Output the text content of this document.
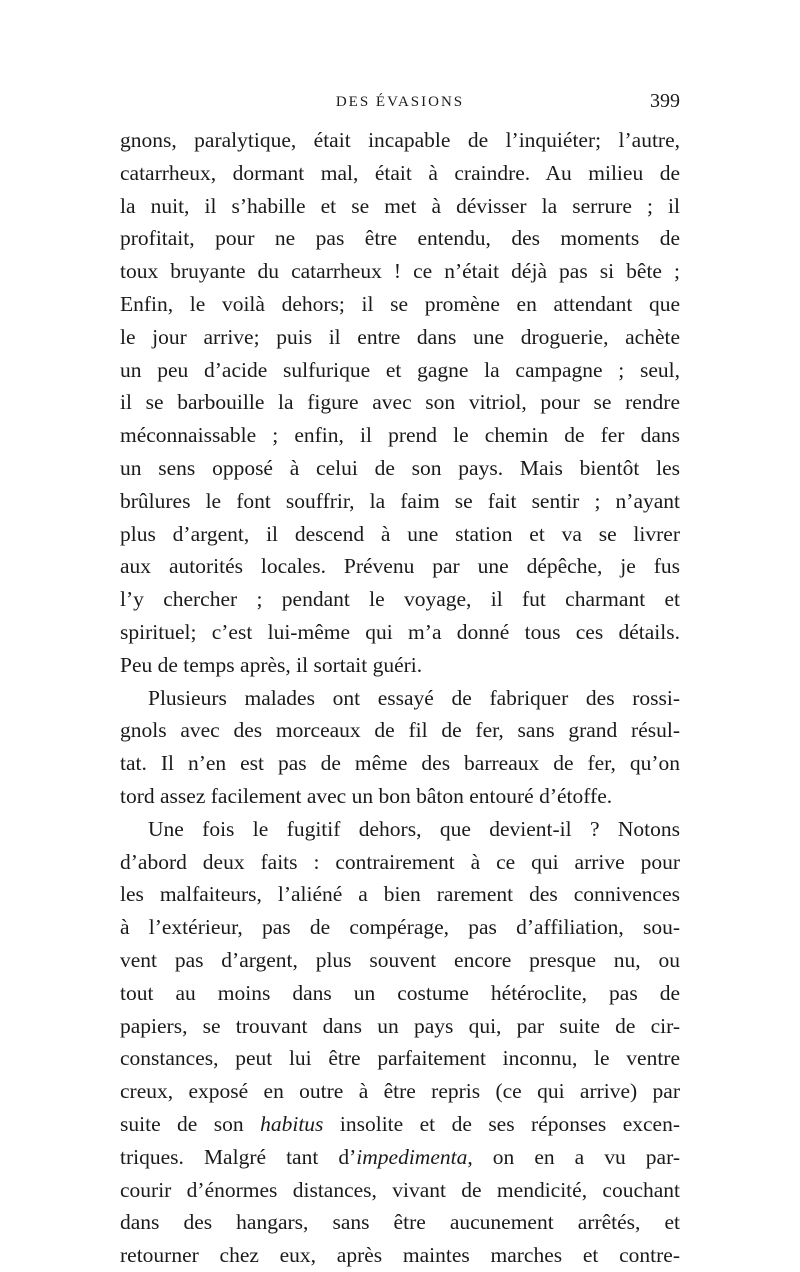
DES ÉVASIONS	399
gnons, paralytique, était incapable de l’inquiéter; l’autre,
catarrheux, dormant mal, était à craindre. Au milieu de
la nuit, il s’habille et se met à dévisser la serrure ; il
profitait, pour ne pas être entendu, des moments de
toux bruyante du catarrheux ! ce n’était déjà pas si bête ;
Enfin, le voilà dehors; il se promène en attendant que
le jour arrive; puis il entre dans une droguerie, achète
un peu d’acide sulfurique et gagne la campagne ; seul,
il se barbouille la figure avec son vitriol, pour se rendre
méconnaissable ; enfin, il prend le chemin de fer dans
un sens opposé à celui de son pays. Mais bientôt les
brûlures le font souffrir, la faim se fait sentir ; n’ayant
plus d’argent, il descend à une station et va se livrer
aux autorités locales. Prévenu par une dépêche, je fus
l’y chercher ; pendant le voyage, il fut charmant et
spirituel; c’est lui-même qui m’a donné tous ces détails.
Peu de temps après, il sortait guéri.
Plusieurs malades ont essayé de fabriquer des rossi-
gnols avec des morceaux de fil de fer, sans grand résul-
tat. Il n’en est pas de même des barreaux de fer, qu’on
tord assez facilement avec un bon bâton entouré d’étoffe.
Une fois le fugitif dehors, que devient-il ? Notons
d’abord deux faits : contrairement à ce qui arrive pour
les malfaiteurs, l’aliéné a bien rarement des connivences
à l’extérieur, pas de compérage, pas d’affiliation, sou-
vent pas d’argent, plus souvent encore presque nu, ou
tout au moins dans un costume hétéroclite, pas de
papiers, se trouvant dans un pays qui, par suite de cir-
constances, peut lui être parfaitement inconnu, le ventre
creux, exposé en outre à être repris (ce qui arrive) par
suite de son habitus insolite et de ses réponses excen-
triques. Malgré tant d’impedimenta, on en a vu par-
courir d’énormes distances, vivant de mendicité, couchant
dans des hangars, sans être aucunement arrêtés, et
retourner chez eux, après maintes marches et contre-
